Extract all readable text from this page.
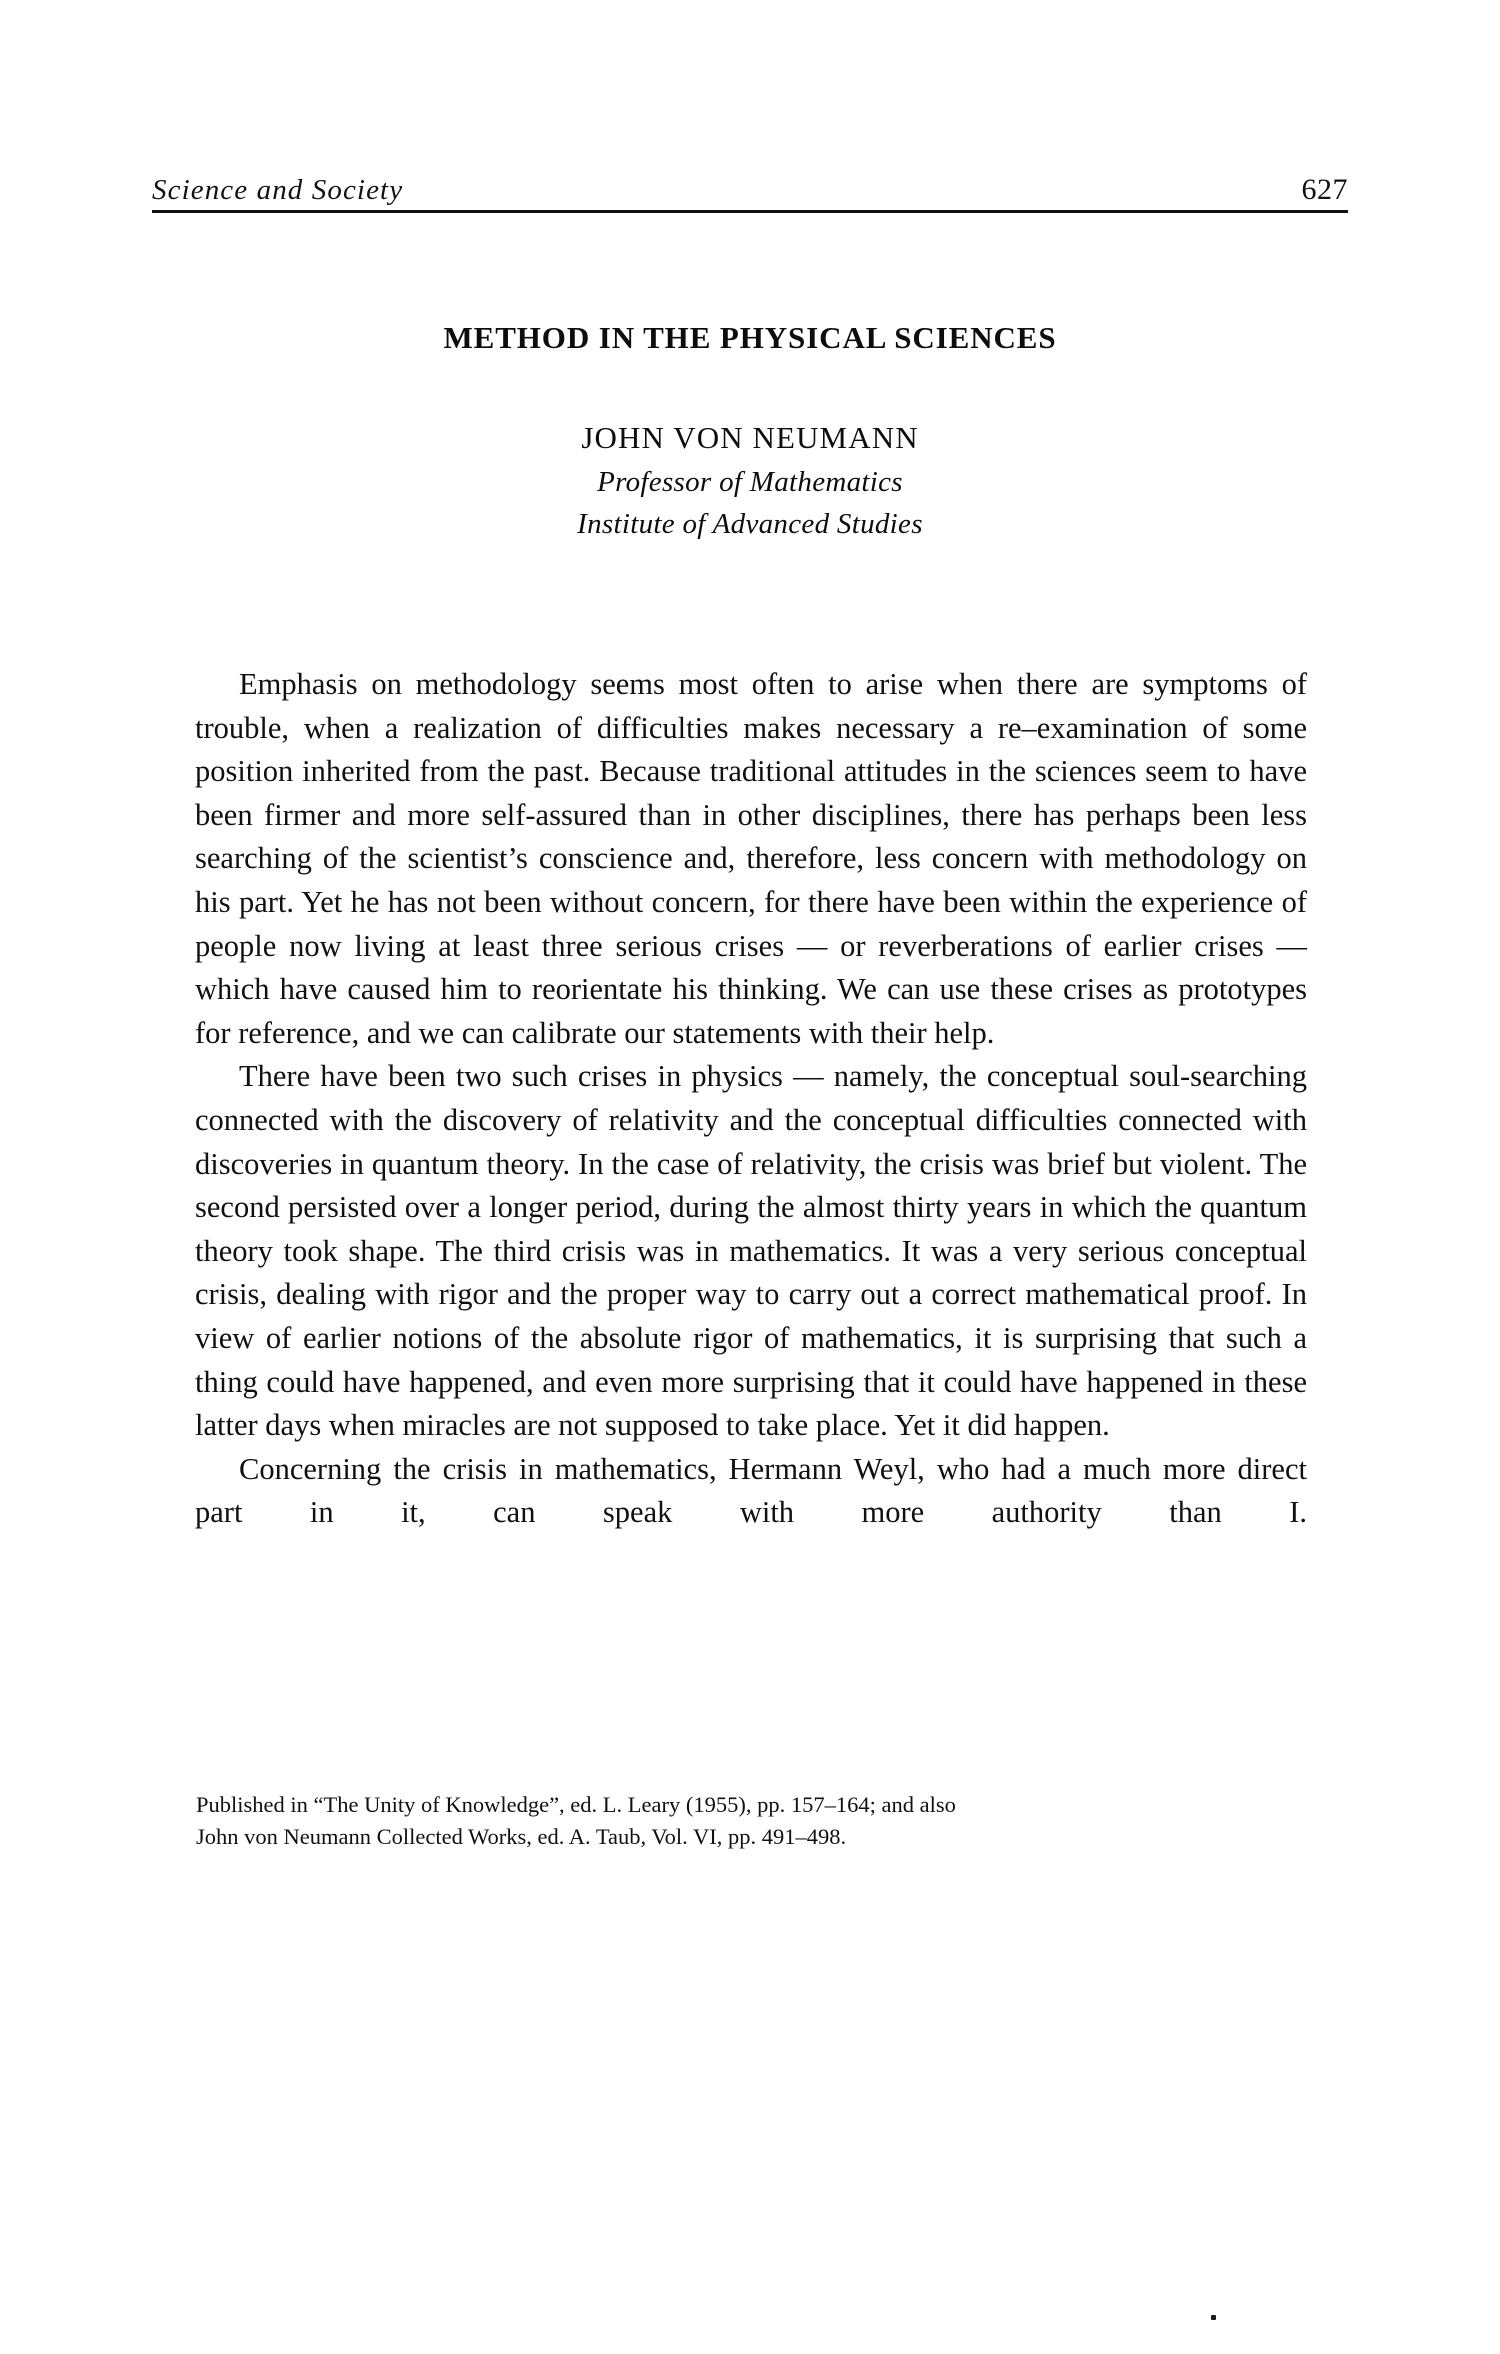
Science and Society	627
METHOD IN THE PHYSICAL SCIENCES
JOHN VON NEUMANN
Professor of Mathematics
Institute of Advanced Studies

Emphasis on methodology seems most often to arise when there are symptoms of trouble, when a realization of difficulties makes necessary a re–examination of some position inherited from the past. Because traditional attitudes in the sciences seem to have been firmer and more self-assured than in other disciplines, there has perhaps been less searching of the scientist’s conscience and, therefore, less concern with methodology on his part. Yet he has not been without concern, for there have been within the experience of people now living at least three serious crises — or reverberations of earlier crises — which have caused him to reorientate his thinking. We can use these crises as prototypes for reference, and we can calibrate our statements with their help.

There have been two such crises in physics — namely, the conceptual soul-searching connected with the discovery of relativity and the conceptual difficulties connected with discoveries in quantum theory. In the case of relativity, the crisis was brief but violent. The second persisted over a longer period, during the almost thirty years in which the quantum theory took shape. The third crisis was in mathematics. It was a very serious conceptual crisis, dealing with rigor and the proper way to carry out a correct mathematical proof. In view of earlier notions of the absolute rigor of mathematics, it is surprising that such a thing could have happened, and even more surprising that it could have happened in these latter days when miracles are not supposed to take place. Yet it did happen.

Concerning the crisis in mathematics, Hermann Weyl, who had a much more direct part in it, can speak with more authority than I.

Published in “The Unity of Knowledge”, ed. L. Leary (1955), pp. 157–164; and also
John von Neumann Collected Works, ed. A. Taub, Vol. VI, pp. 491–498.
